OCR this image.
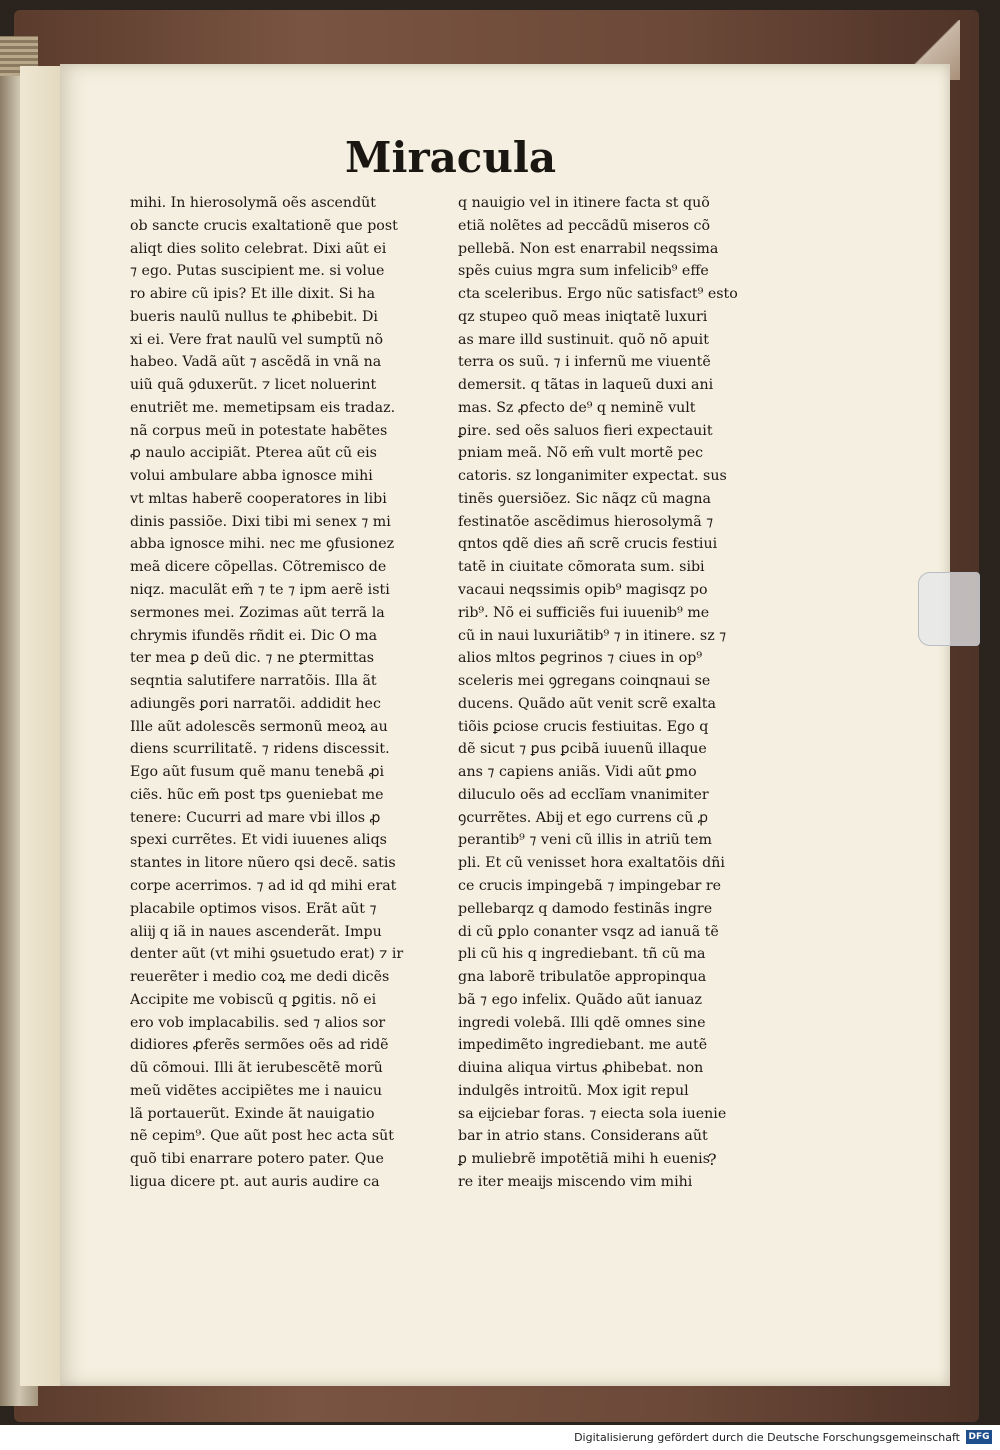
Miracula
mihi. In hierosolymã oẽs ascendũt
ob sancte crucis exaltationẽ que post
aliqt dies solito celebrat. Dixi aũt ei
⁊ ego. Putas suscipient me. si volue
ro abire cũ ipis? Et ille dixit. Si ha
bueris naulũ nullus te ꝓhibebit. Di
xi ei. Vere frat naulũ vel sumptũ nõ
habeo. Vadã aũt ⁊ ascẽdã in vnã na
uiũ quã ꝯduxerũt. ⁊ licet noluerint
enutriẽt me. memetipsam eis tradaz.
nã corpus meũ in potestate habẽtes
ꝓ naulo accipiãt. Pterea aũt cũ eis
volui ambulare abba ignosce mihi
vt mltas haberẽ cooperatores in libi
dinis passiõe. Dixi tibi mi senex ⁊ mi
abba ignosce mihi. nec me ꝯfusionez
meã dicere cõpellas. Cõtremisco de
niqz. maculãt em̃ ⁊ te ⁊ ipm aerẽ isti
sermones mei. Zozimas aũt terrã la
chrymis ifundẽs rñdit ei. Dic O ma
ter mea ꝑ deũ dic. ⁊ ne ꝑtermittas
seqntia salutifere narratõis. Illa ãt
adiungẽs ꝑori narratõi. addidit hec
Ille aũt adolescẽs sermonũ meoꝝ au
diens scurrilitatẽ. ⁊ ridens discessit.
Ego aũt fusum quẽ manu tenebã ꝓi
ciẽs. hũc em̃ post tps ꝯueniebat me
tenere: Cucurri ad mare vbi illos ꝓ
spexi currẽtes. Et vidi iuuenes aliqs
stantes in litore nũero qsi decẽ. satis
corpe acerrimos. ⁊ ad id qd mihi erat
placabile optimos visos. Erãt aũt ⁊
aliĳ q iã in naues ascenderãt. Impu
denter aũt (vt mihi ꝯsuetudo erat) ⁊ ir
reuerẽter i medio coꝝ me dedi dicẽs
Accipite me vobiscũ q ꝑgitis. nõ ei
ero vob implacabilis. sed ⁊ alios sor
didiores ꝓferẽs sermões oẽs ad ridẽ
dũ cõmoui. Illi ãt ierubescẽtẽ morũ
meũ vidẽtes accipiẽtes me i nauicu
lã portauerũt. Exinde ãt nauigatio
nẽ cepim⁹. Que aũt post hec acta sũt
quõ tibi enarrare potero pater. Que
ligua dicere pt. aut auris audire ca
q nauigio vel in itinere facta st quõ
etiã nolẽtes ad peccãdũ miseros cõ
pellebã. Non est enarrabil neqssima
spẽs cuius mgra sum infelicib⁹ effe
cta sceleribus. Ergo nũc satisfact⁹ esto
qz stupeo quõ meas iniqtatẽ luxuri
as mare illd sustinuit. quõ nõ apuit
terra os suũ. ⁊ i infernũ me viuentẽ
demersit. q tãtas in laqueũ duxi ani
mas. Sz ꝓfecto de⁹ q neminẽ vult
ꝑire. sed oẽs saluos fieri expectauit
pniam meã. Nõ em̃ vult mortẽ pec
catoris. sz longanimiter expectat. sus
tinẽs ꝯuersiõez. Sic nãqz cũ magna
festinatõe ascẽdimus hierosolymã ⁊
qntos qdẽ dies añ scrẽ crucis festiui
tatẽ in ciuitate cõmorata sum. sibi
vacaui neqssimis opib⁹ magisqz po
rib⁹. Nõ ei sufficiẽs fui iuuenib⁹ me
cũ in naui luxuriãtib⁹ ⁊ in itinere. sz ⁊
alios mltos ꝑegrinos ⁊ ciues in op⁹
sceleris mei ꝯgregans coinqnaui se
ducens. Quãdo aũt venit scrẽ exalta
tiõis ꝑciose crucis festiuitas. Ego q
dẽ sicut ⁊ ꝑus ꝑcibã iuuenũ illaque
ans ⁊ capiens aniãs. Vidi aũt ꝑmo
diluculo oẽs ad ecclĩam vnanimiter
ꝯcurrẽtes. Abĳ et ego currens cũ ꝓ
perantib⁹ ⁊ veni cũ illis in atriũ tem
pli. Et cũ venisset hora exaltatõis dñi
ce crucis impingebã ⁊ impingebar re
pellebarqz q damodo festinãs ingre
di cũ ꝑplo conanter vsqz ad ianuã tẽ
pli cũ his q ingrediebant. tñ cũ ma
gna laborẽ tribulatõe appropinqua
bã ⁊ ego infelix. Quãdo aũt ianuaz
ingredi volebã. Illi qdẽ omnes sine
impedimẽto ingrediebant. me autẽ
diuina aliqua virtus ꝓhibebat. non
indulgẽs introitũ. Mox igit repul
sa eĳciebar foras. ⁊ eiecta sola iuenie
bar in atrio stans. Considerans aũt
ꝑ muliebrẽ impotẽtiã mihi h euenis
re iter meaĳs miscendo vim mihi
?
Digitalisierung gefördert durch die Deutsche Forschungsgemeinschaft DFG
